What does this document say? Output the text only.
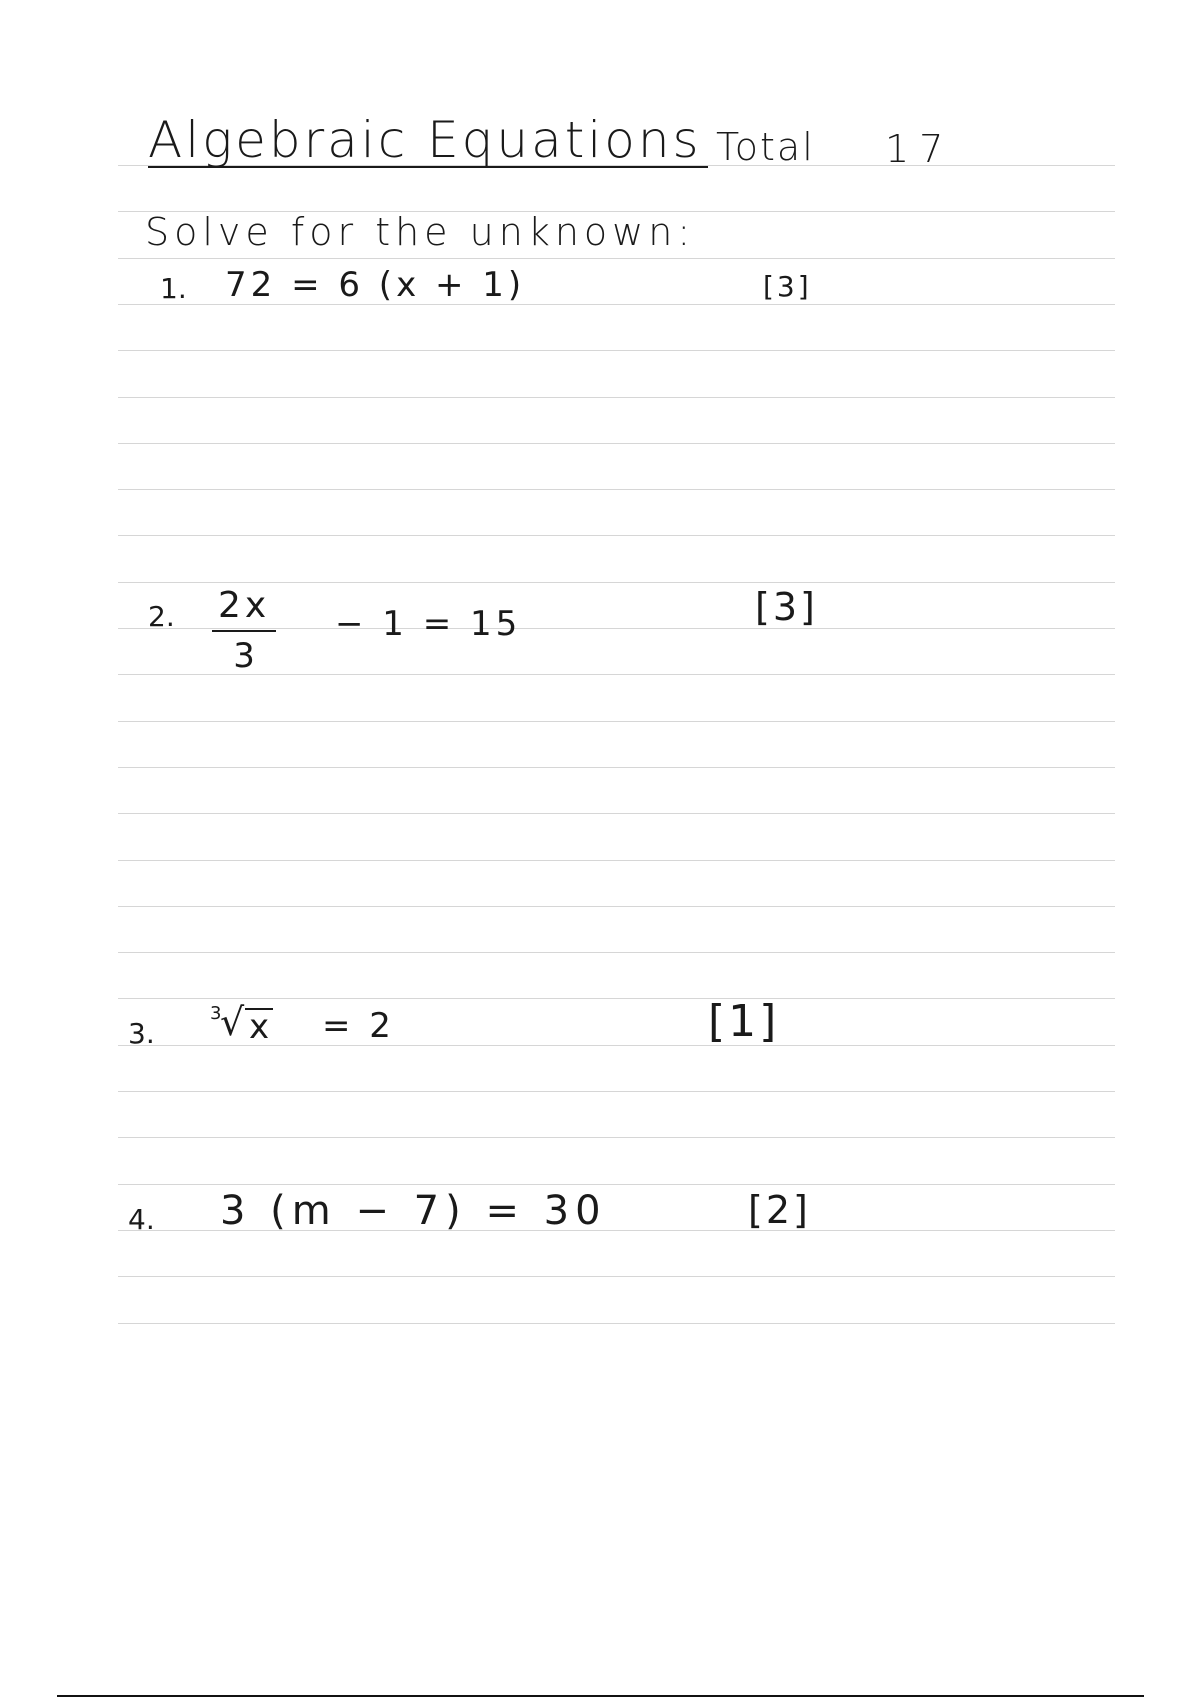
Algebraic Equations Total 17
Solve for the unknown:
1. 72 = 6 (x + 1)	[3]
2. $\frac{2x}{3} - 1 = 15$	[3]
3.
3
√ x = 2	[1]
4. 3 (m − 7) = 30	[2]
